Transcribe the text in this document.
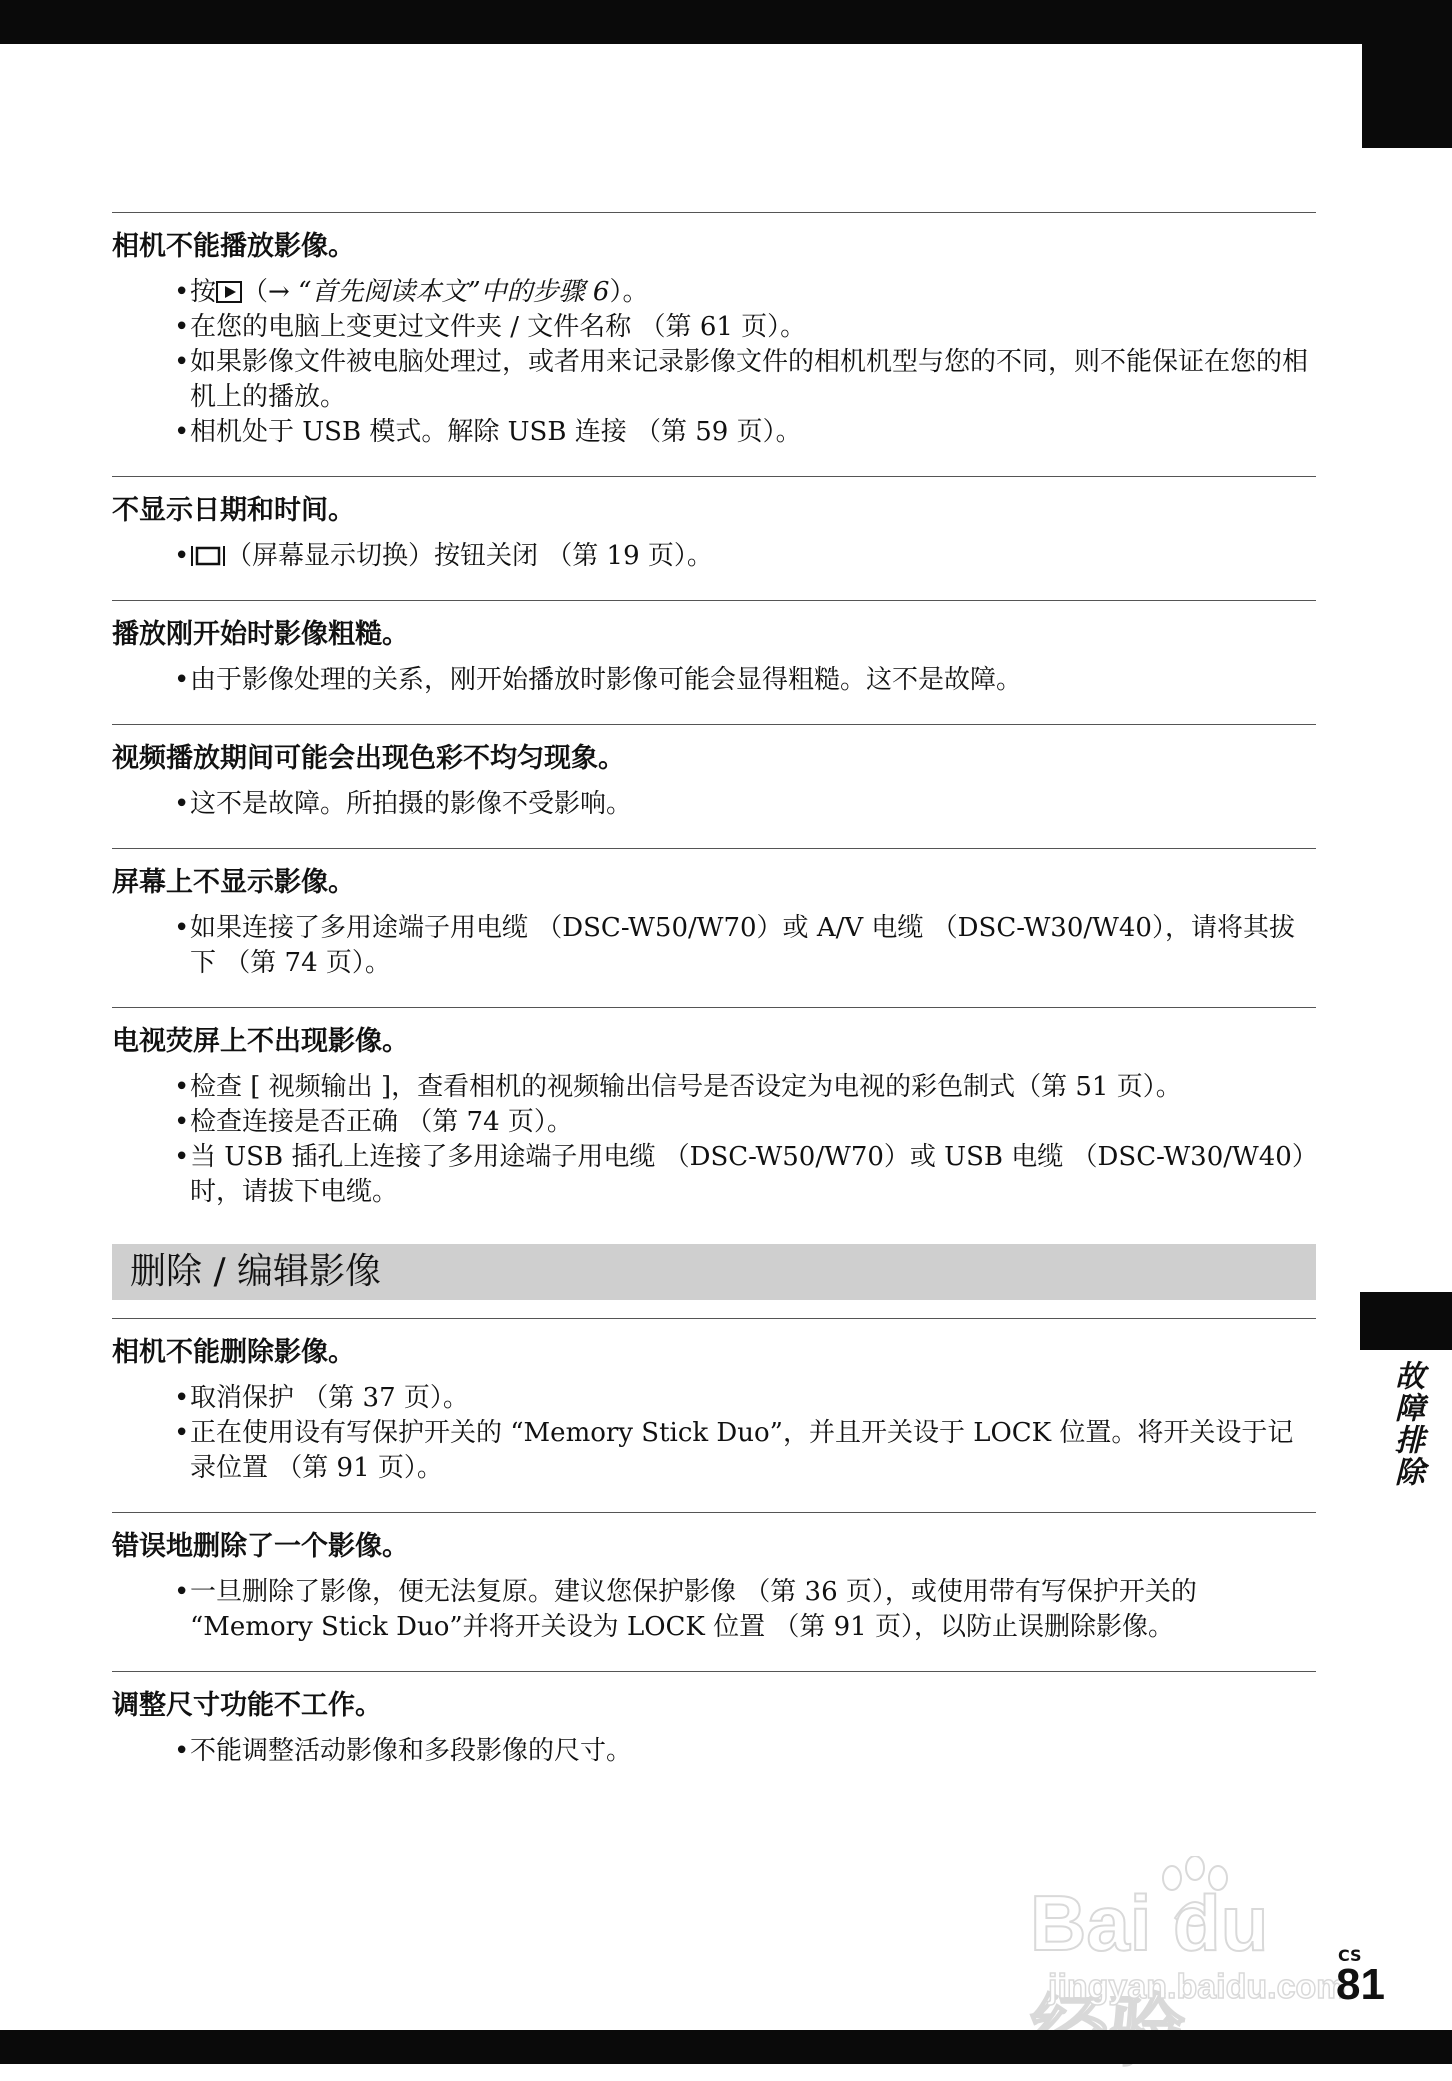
相机不能播放影像。
• 按 （→ “首先阅读本文”中的步骤 6）。
• 在您的电脑上变更过文件夹 / 文件名称 （第 61 页）。
• 如果影像文件被电脑处理过，或者用来记录影像文件的相机机型与您的不同，则不能保证在您的相机上的播放。
• 相机处于 USB 模式。解除 USB 连接 （第 59 页）。
不显示日期和时间。
• （屏幕显示切换）按钮关闭 （第 19 页）。
播放刚开始时影像粗糙。
• 由于影像处理的关系，刚开始播放时影像可能会显得粗糙。这不是故障。
视频播放期间可能会出现色彩不均匀现象。
• 这不是故障。所拍摄的影像不受影响。
屏幕上不显示影像。
• 如果连接了多用途端子用电缆 （DSC-W50/W70）或 A/V 电缆 （DSC-W30/W40），请将其拔下 （第 74 页）。
电视荧屏上不出现影像。
• 检查 [ 视频输出 ]，查看相机的视频输出信号是否设定为电视的彩色制式（第 51 页）。
• 检查连接是否正确 （第 74 页）。
• 当 USB 插孔上连接了多用途端子用电缆 （DSC-W50/W70）或 USB 电缆 （DSC-W30/W40）时，请拔下电缆。
删除 / 编辑影像
相机不能删除影像。
• 取消保护 （第 37 页）。
• 正在使用设有写保护开关的 “Memory Stick Duo”，并且开关设于 LOCK 位置。将开关设于记录位置 （第 91 页）。
错误地删除了一个影像。
• 一旦删除了影像，便无法复原。建议您保护影像 （第 36 页），或使用带有写保护开关的 “Memory Stick Duo”并将开关设为 LOCK 位置 （第 91 页），以防止误删除影像。
调整尺寸功能不工作。
• 不能调整活动影像和多段影像的尺寸。
故障排除
Bai du
jingyan.baidu.com
CS
81
